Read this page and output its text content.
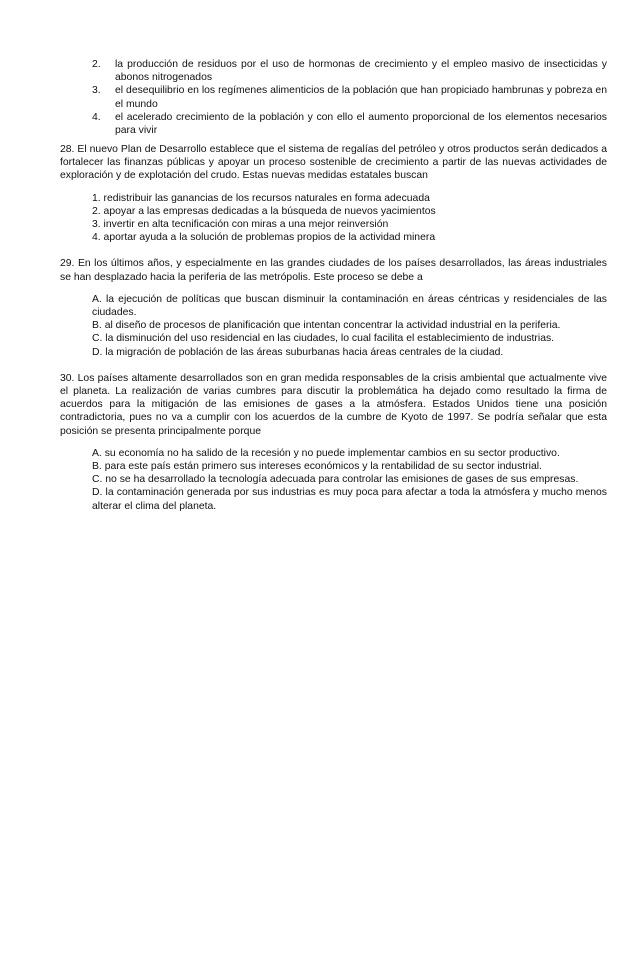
2.	la producción de residuos por el uso de hormonas de crecimiento y el empleo masivo de insecticidas y abonos nitrogenados
3.	el desequilibrio en los regímenes alimenticios de la población que han propiciado hambrunas y pobreza en el mundo
4.	el acelerado crecimiento de la población y con ello el aumento proporcional de los elementos necesarios para vivir

28. El nuevo Plan de Desarrollo establece que el sistema de regalías del petróleo y otros productos serán dedicados a fortalecer las finanzas públicas y apoyar un proceso sostenible de crecimiento a partir de las nuevas actividades de exploración y de explotación del crudo. Estas nuevas medidas estatales buscan

1. redistribuir las ganancias de los recursos naturales en forma adecuada
2. apoyar a las empresas dedicadas a la búsqueda de nuevos yacimientos
3. invertir en alta tecnificación con miras a una mejor reinversión
4. aportar ayuda a la solución de problemas propios de la actividad minera

29. En los últimos años, y especialmente en las grandes ciudades de los países desarrollados, las áreas industriales se han desplazado hacia la periferia de las metrópolis. Este proceso se debe a

A. la ejecución de políticas que buscan disminuir la contaminación en áreas céntricas y residenciales de las ciudades.
B. al diseño de procesos de planificación que intentan concentrar la actividad industrial en la periferia.
C. la disminución del uso residencial en las ciudades, lo cual facilita el establecimiento de industrias.
D. la migración de población de las áreas suburbanas hacia áreas centrales de la ciudad.

30. Los países altamente desarrollados son en gran medida responsables de la crisis ambiental que actualmente vive el planeta. La realización de varias cumbres para discutir la problemática ha dejado como resultado la firma de acuerdos para la mitigación de las emisiones de gases a la atmósfera. Estados Unidos tiene una posición contradictoria, pues no va a cumplir con los acuerdos de la cumbre de Kyoto de 1997. Se podría señalar que esta posición se presenta principalmente porque

A. su economía no ha salido de la recesión y no puede implementar cambios en su sector productivo.
B. para este país están primero sus intereses económicos y la rentabilidad de su sector industrial.
C. no se ha desarrollado la tecnología adecuada para controlar las emisiones de gases de sus empresas.
D. la contaminación generada por sus industrias es muy poca para afectar a toda la atmósfera y mucho menos alterar el clima del planeta.
